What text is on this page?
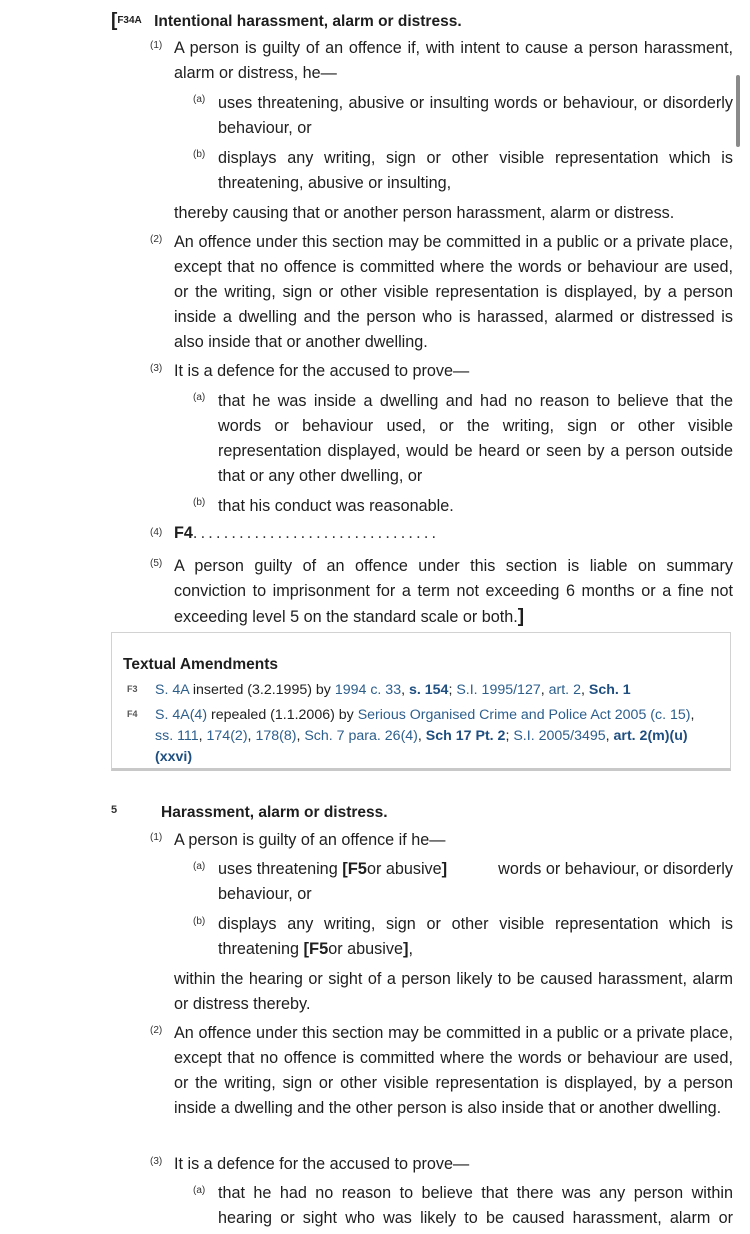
[F34A Intentional harassment, alarm or distress.
(1) A person is guilty of an offence if, with intent to cause a person harassment, alarm or distress, he—
(a) uses threatening, abusive or insulting words or behaviour, or disorderly behaviour, or
(b) displays any writing, sign or other visible representation which is threatening, abusive or insulting,
thereby causing that or another person harassment, alarm or distress.
(2) An offence under this section may be committed in a public or a private place, except that no offence is committed where the words or behaviour are used, or the writing, sign or other visible representation is displayed, by a person inside a dwelling and the person who is harassed, alarmed or distressed is also inside that or another dwelling.
(3) It is a defence for the accused to prove—
(a) that he was inside a dwelling and had no reason to believe that the words or behaviour used, or the writing, sign or other visible representation displayed, would be heard or seen by a person outside that or any other dwelling, or
(b) that his conduct was reasonable.
(4) F4................................
(5) A person guilty of an offence under this section is liable on summary conviction to imprisonment for a term not exceeding 6 months or a fine not exceeding level 5 on the standard scale or both.]
Textual Amendments
F3 S. 4A inserted (3.2.1995) by 1994 c. 33, s. 154; S.I. 1995/127, art. 2, Sch. 1
F4 S. 4A(4) repealed (1.1.2006) by Serious Organised Crime and Police Act 2005 (c. 15),
ss. 111, 174(2), 178(8), Sch. 7 para. 26(4), Sch 17 Pt. 2; S.I. 2005/3495, art. 2(m)(u)
(xxvi)
5	Harassment, alarm or distress.
(1) A person is guilty of an offence if he—
(a) uses threatening [F5or abusive]	words or behaviour, or disorderly
behaviour, or
(b) displays any writing, sign or other visible representation which is
threatening [F5or abusive],
within the hearing or sight of a person likely to be caused harassment, alarm or distress thereby.
(2) An offence under this section may be committed in a public or a private place, except that no offence is committed where the words or behaviour are used, or the writing, sign or other visible representation is displayed, by a person inside a dwelling and the other person is also inside that or another dwelling.
(3) It is a defence for the accused to prove—
(a) that he had no reason to believe that there was any person within hearing or sight who was likely to be caused harassment, alarm or
